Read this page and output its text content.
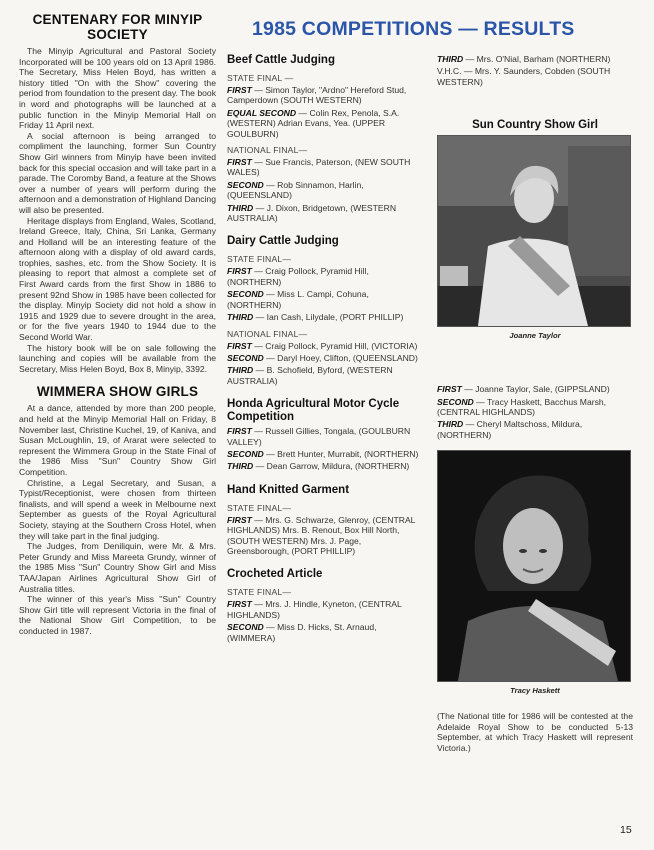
CENTENARY FOR MINYIP
SOCIETY

The Minyip Agricultural and Pastoral Society Incorporated will be 100 years old on 13 April 1986. The Secretary, Miss Helen Boyd, has written a history titled "On with the Show" covering the period from foundation to the present day. The book in word and photographs will be launched at a public function in the Minyip Memorial Hall on Friday 11 April next.

A social afternoon is being arranged to compliment the launching, former Sun Country Show Girl winners from Minyip have been invited back for this special occasion and will take part in a parade. The Coromby Band, a feature at the Shows over a number of years will perform during the afternoon and a demonstration of Highland Dancing will also be presented.

Heritage displays from England, Wales, Scotland, Ireland Greece, Italy, China, Sri Lanka, Germany and Holland will be an interesting feature of the afternoon along with a display of old award cards, trophies, sashes, etc. from the Show Society. It is pleasing to report that almost a complete set of First Award cards from the first Show in 1886 to present 92nd Show in 1985 have been collected for the display. Minyip Society did not hold a show in 1915 and 1929 due to severe drought in the area, or for the five years 1940 to 1944 due to the Second World War.

The history book will be on sale following the launching and copies will be available from the Secretary, Miss Helen Boyd, Box 8, Minyip, 3392.

WIMMERA SHOW GIRLS

At a dance, attended by more than 200 people, and held at the Minyip Memorial Hall on Friday, 8 November last, Christine Kuchel, 19, of Kaniva, and Susan McLoughlin, 19, of Ararat were selected to represent the Wimmera Group in the State Final of the 1986 Miss "Sun" Country Show Girl Competition.

Christine, a Legal Secretary, and Susan, a Typist/Receptionist, were chosen from thirteen finalists, and will spend a week in Melbourne next September as guests of the Royal Agricultural Society, staying at the Southern Cross Hotel, when they will take part in the final judging.

The Judges, from Deniliquin, were Mr. & Mrs. Peter Grundy and Miss Mareeta Grundy, winner of the 1985 Miss "Sun" Country Show Girl and Miss TAA/Japan Airlines Agricultural Show Girl of Australia titles.

The winner of this year's Miss "Sun" Country Show Girl title will represent Victoria in the final of the National Show Girl Competition, to be conducted in 1987.

1985 COMPETITIONS — RESULTS
Beef Cattle Judging
STATE FINAL —

FIRST — Simon Taylor, "Ardno" Hereford Stud, Camperdown (SOUTH WESTERN)

EQUAL SECOND — Colin Rex, Penola, S.A. (WESTERN) Adrian Evans, Yea. (UPPER GOULBURN)

NATIONAL FINAL—

FIRST — Sue Francis, Paterson, (NEW SOUTH WALES)

SECOND — Rob Sinnamon, Harlin, (QUEENSLAND)

THIRD — J. Dixon, Bridgetown, (WESTERN AUSTRALIA)

Dairy Cattle Judging
STATE FINAL—

FIRST — Craig Pollock, Pyramid Hill, (NORTHERN)

SECOND — Miss L. Campi, Cohuna, (NORTHERN)

THIRD — Ian Cash, Lilydale, (PORT PHILLIP)

NATIONAL FINAL—

FIRST — Craig Pollock, Pyramid Hill, (VICTORIA)

SECOND — Daryl Hoey, Clifton, (QUEENSLAND)

THIRD — B. Schofield, Byford, (WESTERN AUSTRALIA)

Honda Agricultural Motor Cycle Competition

FIRST — Russell Gillies, Tongala, (GOULBURN VALLEY)

SECOND — Brett Hunter, Murrabit, (NORTHERN)

THIRD — Dean Garrow, Mildura, (NORTHERN)

Hand Knitted Garment
STATE FINAL—

FIRST — Mrs. G. Schwarze, Glenroy, (CENTRAL HIGHLANDS) Mrs. B. Renout, Box Hill North, (SOUTH WESTERN) Mrs. J. Page, Greensborough, (PORT PHILLIP)

Crocheted Article
STATE FINAL—

FIRST — Mrs. J. Hindle, Kyneton, (CENTRAL HIGHLANDS)

SECOND — Miss D. Hicks, St. Arnaud, (WIMMERA)

THIRD — Mrs. O'Nial, Barham (NORTHERN)

V.H.C. — Mrs. Y. Saunders, Cobden (SOUTH WESTERN)

Sun Country Show Girl
Joanne Taylor

FIRST — Joanne Taylor, Sale, (GIPPSLAND)

SECOND — Tracy Haskett, Bacchus Marsh, (CENTRAL HIGHLANDS)

THIRD — Cheryl Maltschoss, Mildura, (NORTHERN)

Tracy Haskett

(The National title for 1986 will be contested at the Adelaide Royal Show to be conducted 5-13 September, at which Tracy Haskett will represent Victoria.)

15
